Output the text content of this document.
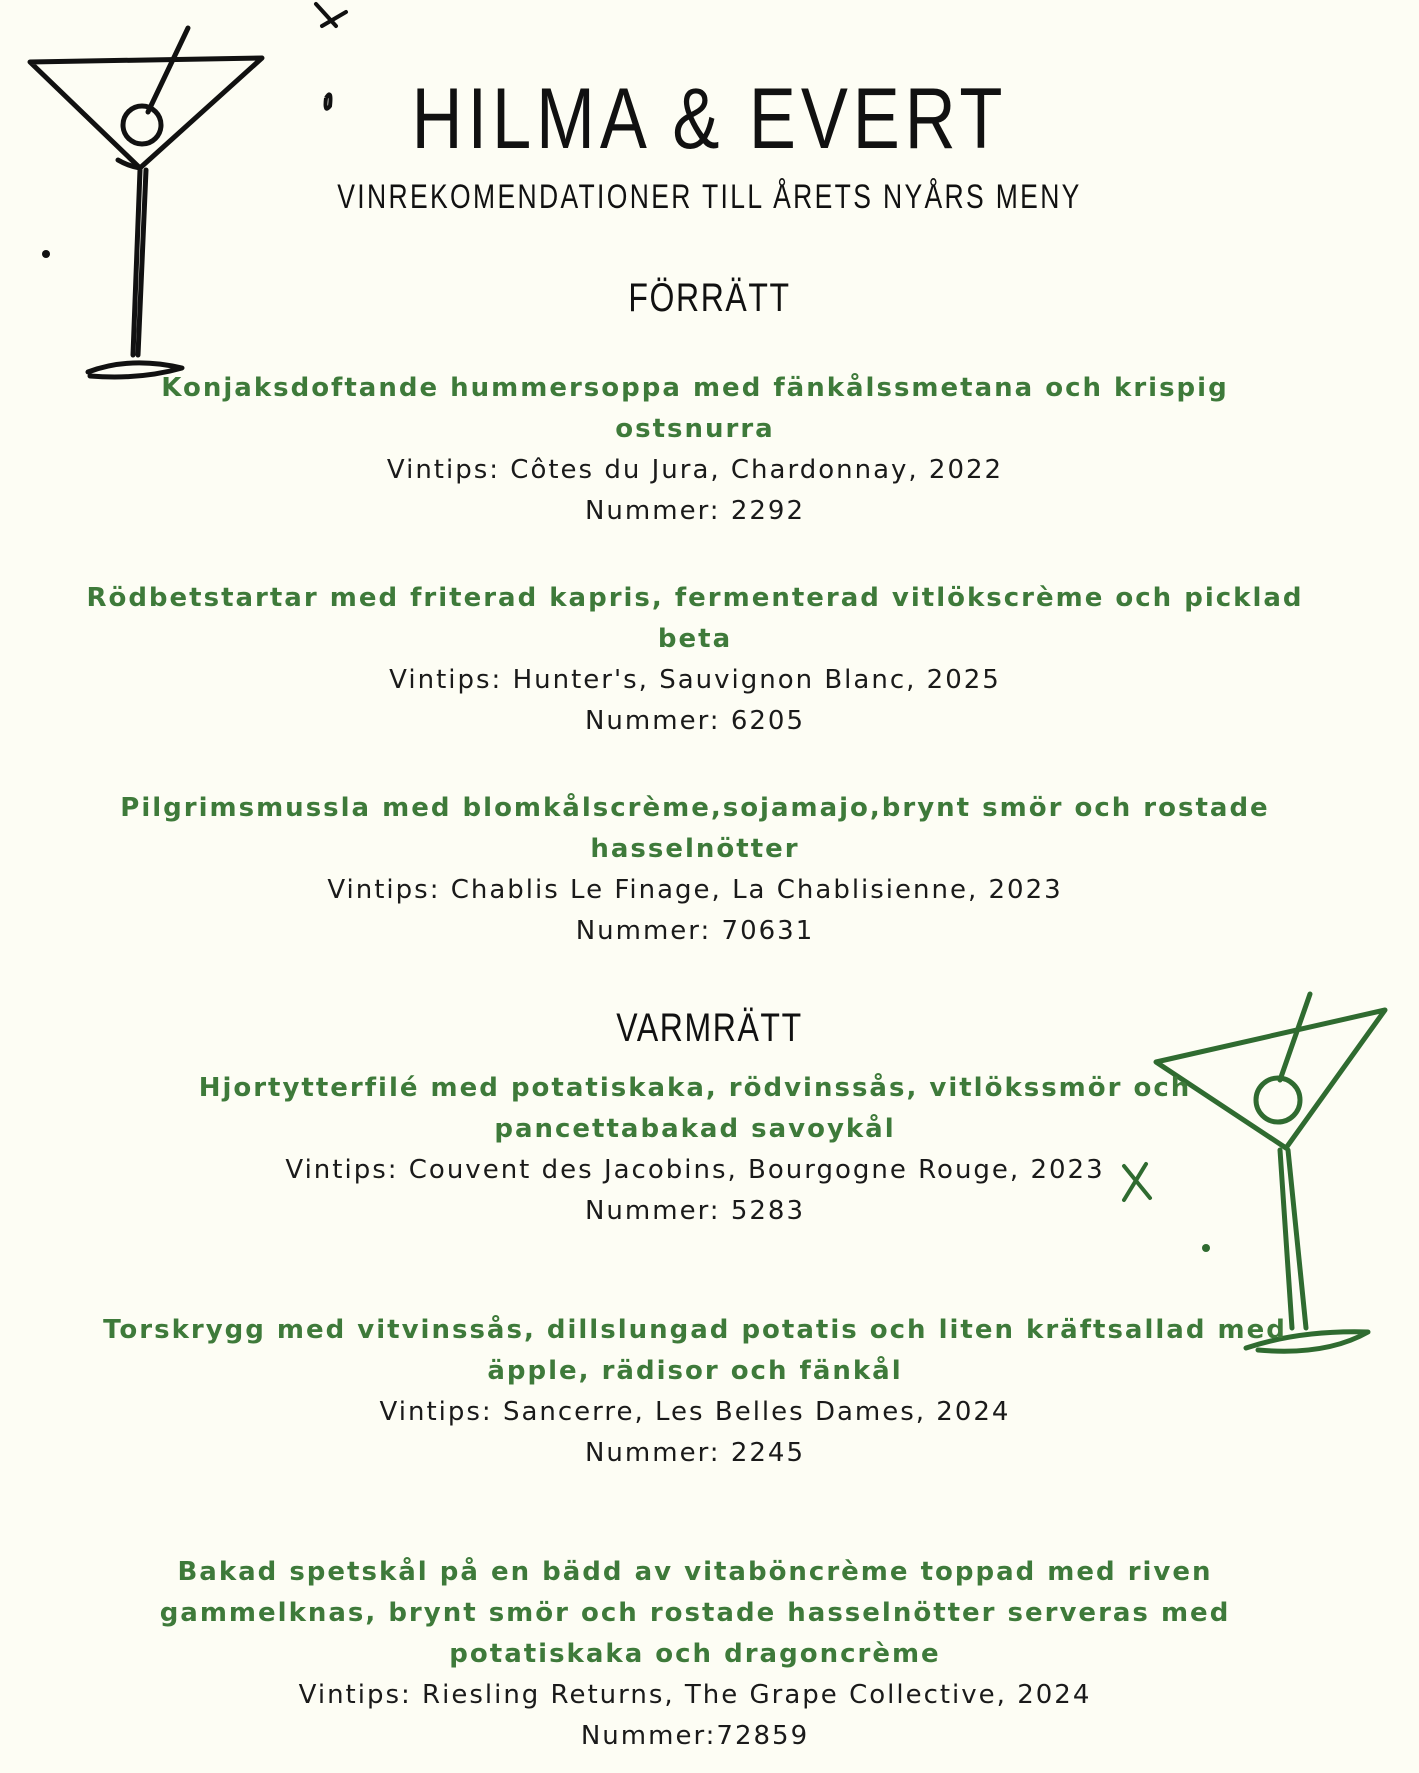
HILMA & EVERT
VINREKOMENDATIONER TILL ÅRETS NYÅRS MENY
FÖRRÄTT
Konjaksdoftande hummersoppa med fänkålssmetana och krispig ostsnurra
Vintips: Côtes du Jura, Chardonnay, 2022
Nummer: 2292
Rödbetstartar med friterad kapris, fermenterad vitlökscrème och picklad beta
Vintips: Hunter's, Sauvignon Blanc, 2025
Nummer: 6205
Pilgrimsmussla med blomkålscrème,sojamajo,brynt smör och rostade hasselnötter
Vintips: Chablis Le Finage, La Chablisienne, 2023
Nummer: 70631
VARMRÄTT
Hjortytterfilé med potatiskaka, rödvinssås, vitlökssmör och pancettabakad savoykål
Vintips: Couvent des Jacobins, Bourgogne Rouge, 2023
Nummer: 5283
Torskrygg med vitvinssås, dillslungad potatis och liten kräftsallad med äpple, rädisor och fänkål
Vintips: Sancerre, Les Belles Dames, 2024
Nummer: 2245
Bakad spetskål på en bädd av vitaböncrème toppad med riven gammelknas, brynt smör och rostade hasselnötter serveras med potatiskaka och dragoncrème
Vintips: Riesling Returns, The Grape Collective, 2024
Nummer:72859
